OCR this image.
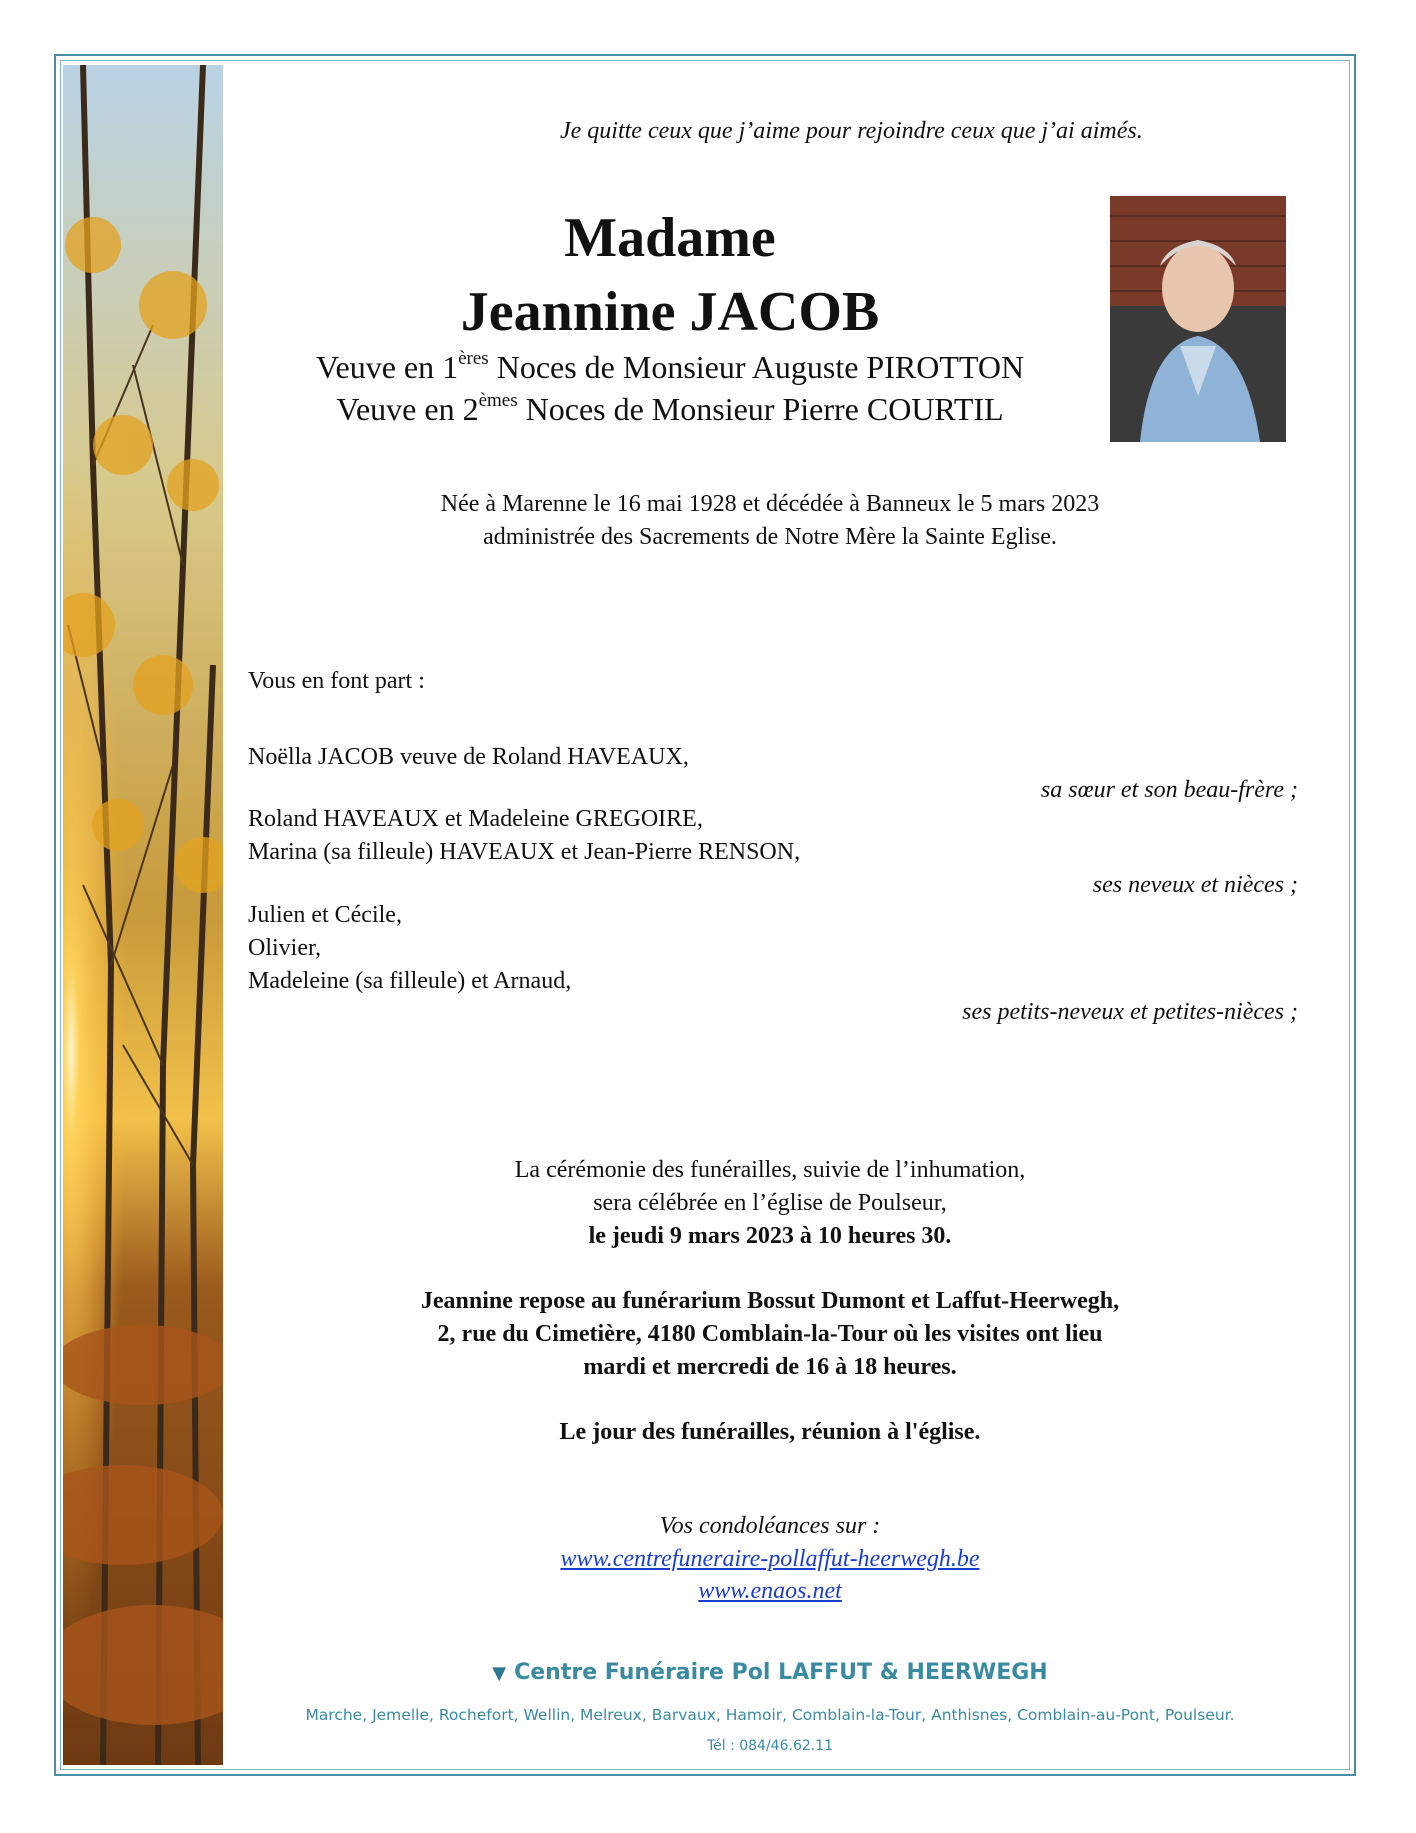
Je quitte ceux que j’aime pour rejoindre ceux que j’ai aimés.
Madame
Jeannine JACOB
Veuve en 1ères Noces de Monsieur Auguste PIROTTON
Veuve en 2èmes Noces de Monsieur Pierre COURTIL
Née à Marenne le 16 mai 1928 et décédée à Banneux le 5 mars 2023
administrée des Sacrements de Notre Mère la Sainte Eglise.
Vous en font part :
Noëlla JACOB veuve de Roland HAVEAUX,
sa sœur et son beau-frère ;
Roland HAVEAUX et Madeleine GREGOIRE,
Marina (sa filleule) HAVEAUX et Jean-Pierre RENSON,
ses neveux et nièces ;
Julien et Cécile,
Olivier,
Madeleine (sa filleule) et Arnaud,
ses petits-neveux et petites-nièces ;
La cérémonie des funérailles, suivie de l’inhumation,
sera célébrée en l’église de Poulseur,
le jeudi 9 mars 2023 à 10 heures 30.
Jeannine repose au funérarium Bossut Dumont et Laffut-Heerwegh,
2, rue du Cimetière, 4180 Comblain-la-Tour où les visites ont lieu
mardi et mercredi de 16 à 18 heures.
Le jour des funérailles, réunion à l'église.
Vos condoléances sur :
www.centrefuneraire-pollaffut-heerwegh.be
www.enaos.net
▼ Centre Funéraire Pol LAFFUT & HEERWEGH
Marche, Jemelle, Rochefort, Wellin, Melreux, Barvaux, Hamoir, Comblain-la-Tour, Anthisnes, Comblain-au-Pont, Poulseur.
Tél : 084/46.62.11
